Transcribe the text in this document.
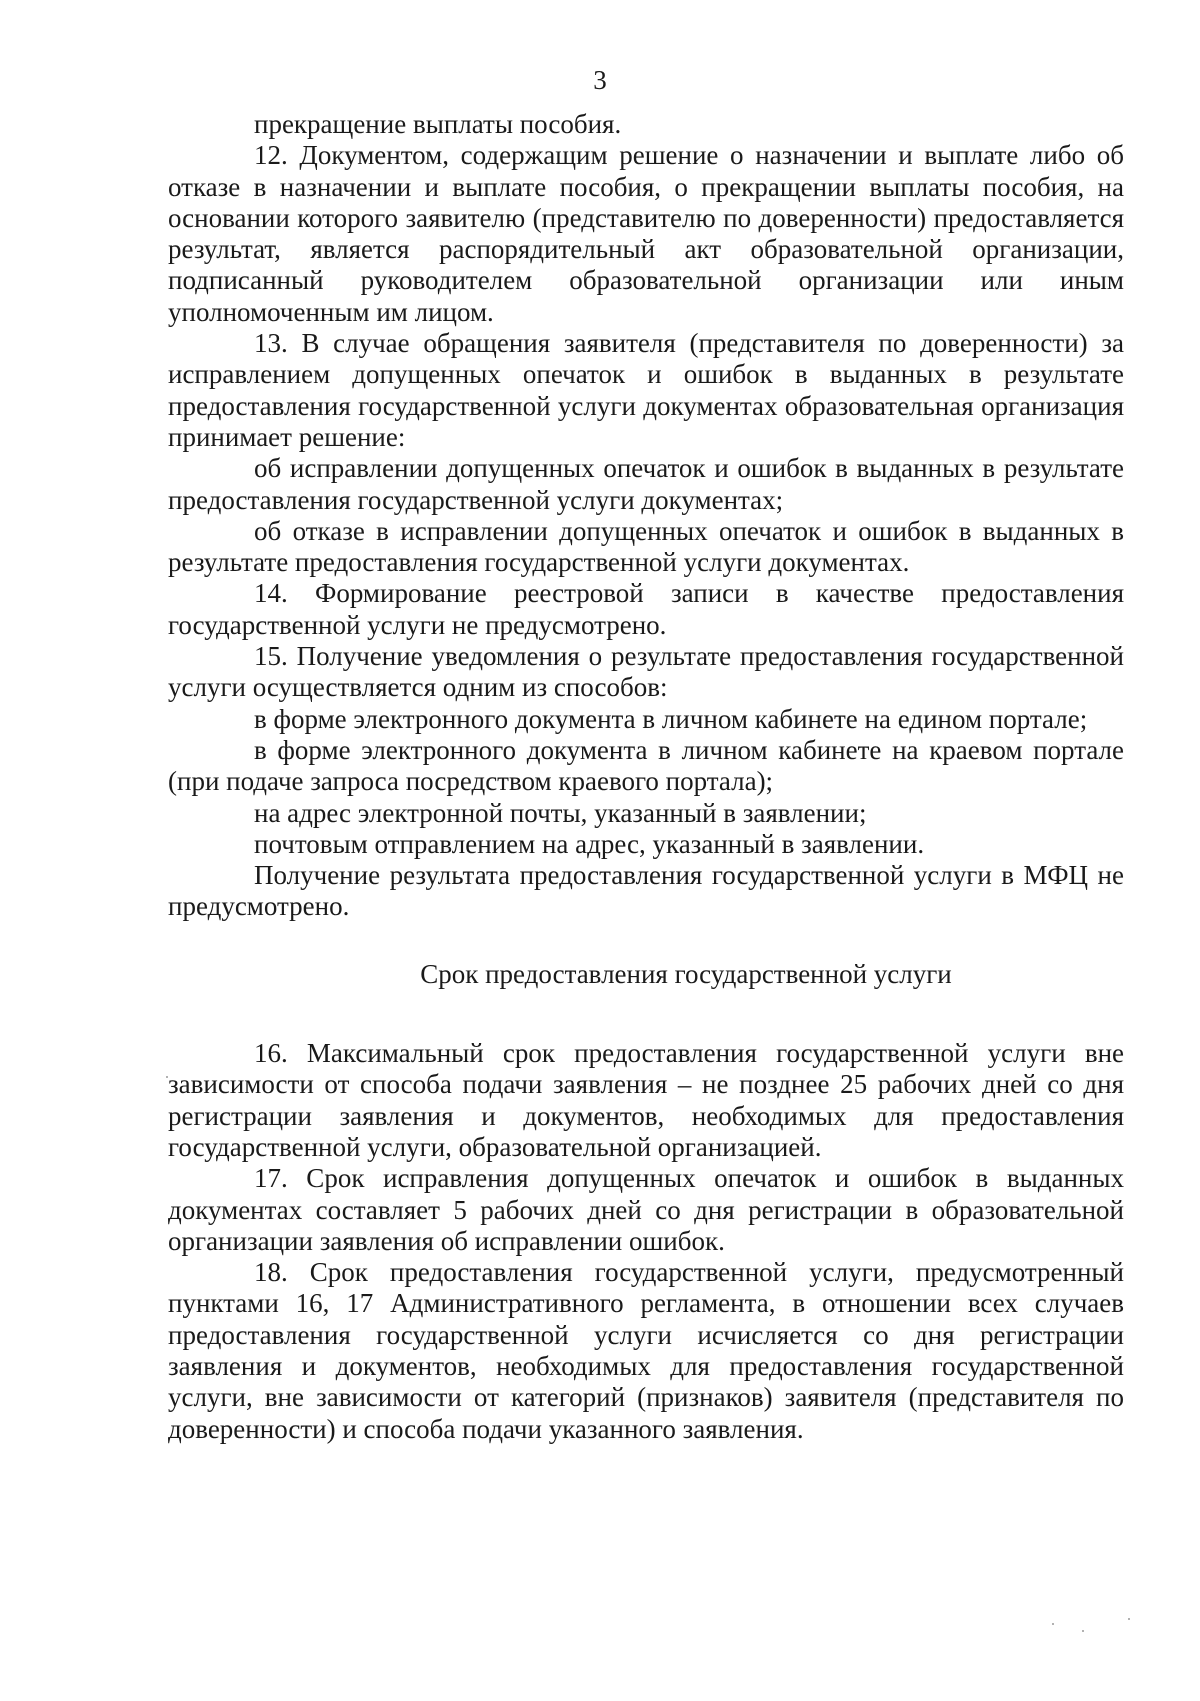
3

прекращение выплаты пособия.

12. Документом, содержащим решение о назначении и выплате либо об отказе в назначении и выплате пособия, о прекращении выплаты пособия, на основании которого заявителю (представителю по доверенности) предоставляется результат, является распорядительный акт образовательной организации, подписанный руководителем образовательной организации или иным уполномоченным им лицом.

13. В случае обращения заявителя (представителя по доверенности) за исправлением допущенных опечаток и ошибок в выданных в результате предоставления государственной услуги документах образовательная организация принимает решение:

об исправлении допущенных опечаток и ошибок в выданных в результате предоставления государственной услуги документах;

об отказе в исправлении допущенных опечаток и ошибок в выданных в результате предоставления государственной услуги документах.

14. Формирование реестровой записи в качестве предоставления государственной услуги не предусмотрено.

15. Получение уведомления о результате предоставления государственной услуги осуществляется одним из способов:

в форме электронного документа в личном кабинете на едином портале;

в форме электронного документа в личном кабинете на краевом портале (при подаче запроса посредством краевого портала);

на адрес электронной почты, указанный в заявлении;

почтовым отправлением на адрес, указанный в заявлении.

Получение результата предоставления государственной услуги в МФЦ не предусмотрено.

Срок предоставления государственной услуги

16. Максимальный срок предоставления государственной услуги вне зависимости от способа подачи заявления – не позднее 25 рабочих дней со дня регистрации заявления и документов, необходимых для предоставления государственной услуги, образовательной организацией.

17. Срок исправления допущенных опечаток и ошибок в выданных документах составляет 5 рабочих дней со дня регистрации в образовательной организации заявления об исправлении ошибок.

18. Срок предоставления государственной услуги, предусмотренный пунктами 16, 17 Административного регламента, в отношении всех случаев предоставления государственной услуги исчисляется со дня регистрации заявления и документов, необходимых для предоставления государственной услуги, вне зависимости от категорий (признаков) заявителя (представителя по доверенности) и способа подачи указанного заявления.
